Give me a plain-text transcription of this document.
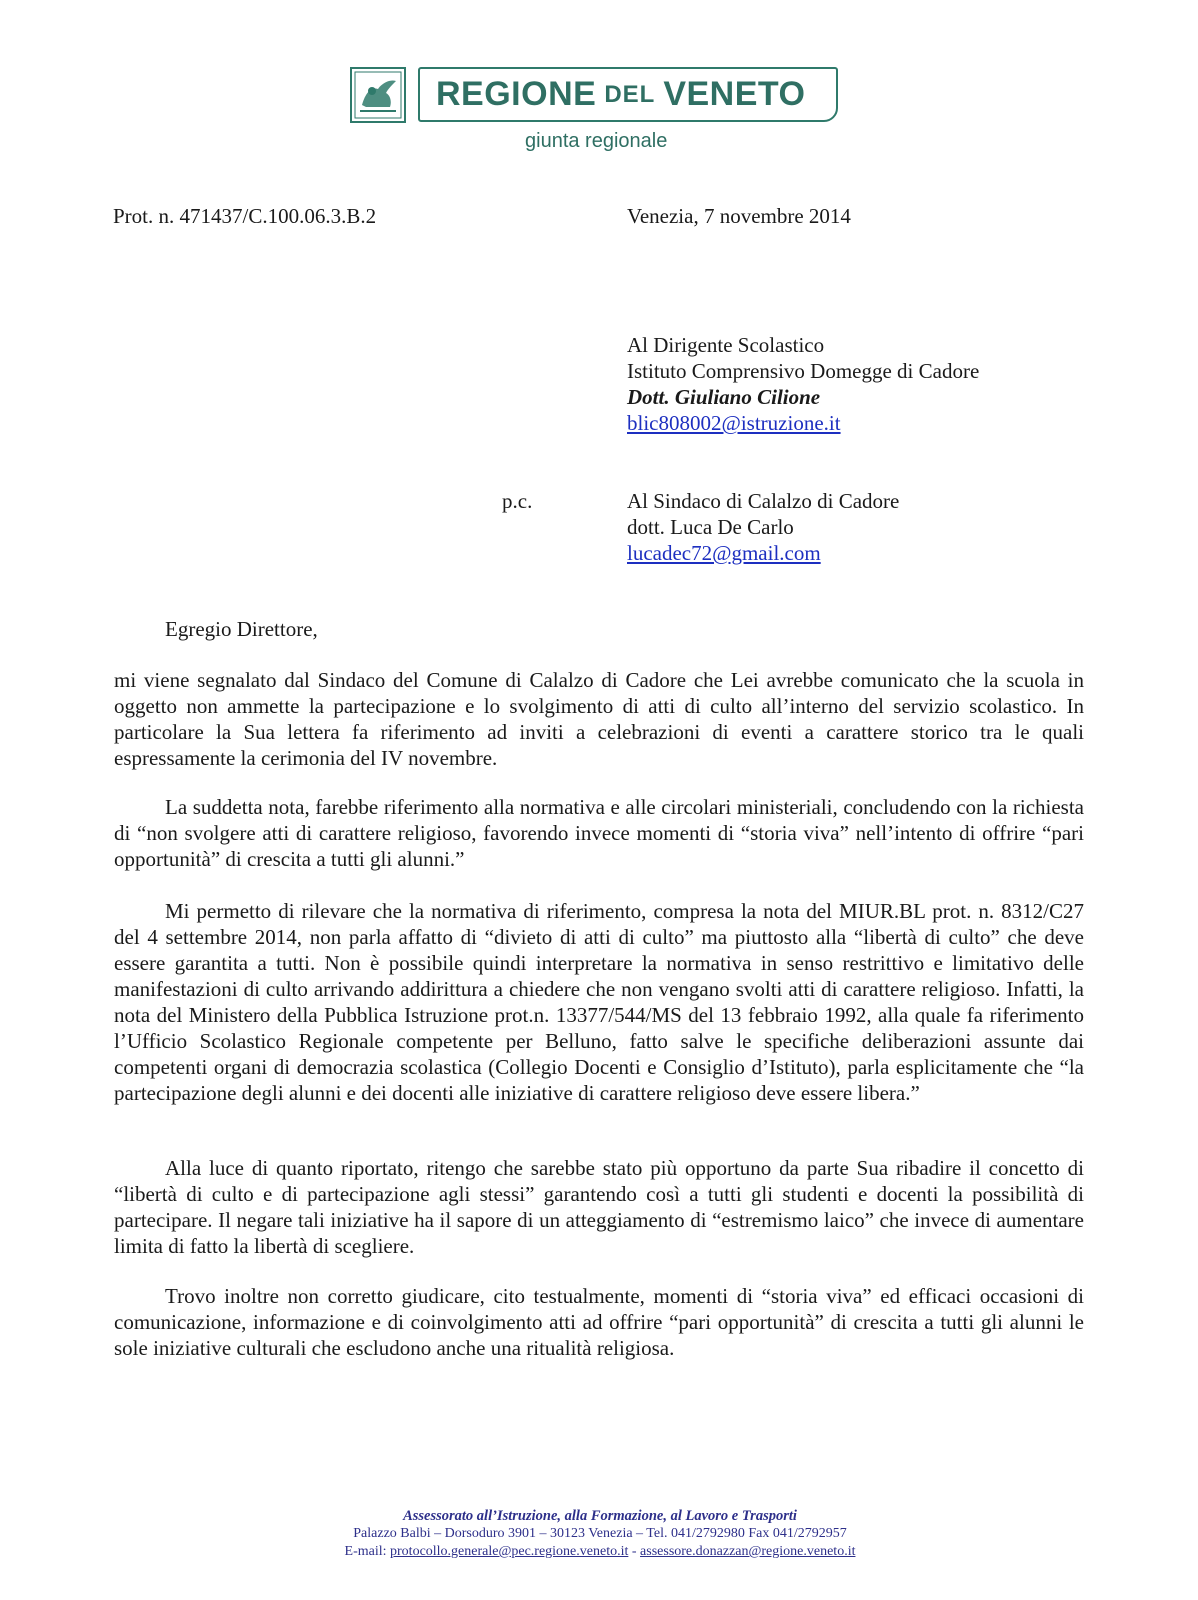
REGIONE DEL VENETO
giunta regionale
Prot. n. 471437/C.100.06.3.B.2	Venezia, 7 novembre 2014
Al Dirigente Scolastico
Istituto Comprensivo Domegge di Cadore
Dott. Giuliano Cilione
blic808002@istruzione.it
p.c.	Al Sindaco di Calalzo di Cadore
dott. Luca De Carlo
lucadec72@gmail.com
Egregio Direttore,
mi viene segnalato dal Sindaco del Comune di Calalzo di Cadore che Lei avrebbe comunicato che la scuola in oggetto non ammette la partecipazione e lo svolgimento di atti di culto all’interno del servizio scolastico. In particolare la Sua lettera fa riferimento ad inviti a celebrazioni di eventi a carattere storico tra le quali espressamente la cerimonia del IV novembre.
La suddetta nota, farebbe riferimento alla normativa e alle circolari ministeriali, concludendo con la richiesta di “non svolgere atti di carattere religioso, favorendo invece momenti di “storia viva” nell’intento di offrire “pari opportunità” di crescita a tutti gli alunni.”
Mi permetto di rilevare che la normativa di riferimento, compresa la nota del MIUR.BL prot. n. 8312/C27 del 4 settembre 2014, non parla affatto di “divieto di atti di culto” ma piuttosto alla “libertà di culto” che deve essere garantita a tutti. Non è possibile quindi interpretare la normativa in senso restrittivo e limitativo delle manifestazioni di culto arrivando addirittura a chiedere che non vengano svolti atti di carattere religioso. Infatti, la nota del Ministero della Pubblica Istruzione prot.n. 13377/544/MS del 13 febbraio 1992, alla quale fa riferimento l’Ufficio Scolastico Regionale competente per Belluno, fatto salve le specifiche deliberazioni assunte dai competenti organi di democrazia scolastica (Collegio Docenti e Consiglio d’Istituto), parla esplicitamente che “la partecipazione degli alunni e dei docenti alle iniziative di carattere religioso deve essere libera.”
Alla luce di quanto riportato, ritengo che sarebbe stato più opportuno da parte Sua ribadire il concetto di “libertà di culto e di partecipazione agli stessi” garantendo così a tutti gli studenti e docenti la possibilità di partecipare. Il negare tali iniziative ha il sapore di un atteggiamento di “estremismo laico” che invece di aumentare limita di fatto la libertà di scegliere.
Trovo inoltre non corretto giudicare, cito testualmente, momenti di “storia viva” ed efficaci occasioni di comunicazione, informazione e di coinvolgimento atti ad offrire “pari opportunità” di crescita a tutti gli alunni le sole iniziative culturali che escludono anche una ritualità religiosa.
Assessorato all’Istruzione, alla Formazione, al Lavoro e Trasporti
Palazzo Balbi – Dorsoduro 3901 – 30123 Venezia – Tel. 041/2792980 Fax 041/2792957
E-mail: protocollo.generale@pec.regione.veneto.it - assessore.donazzan@regione.veneto.it
